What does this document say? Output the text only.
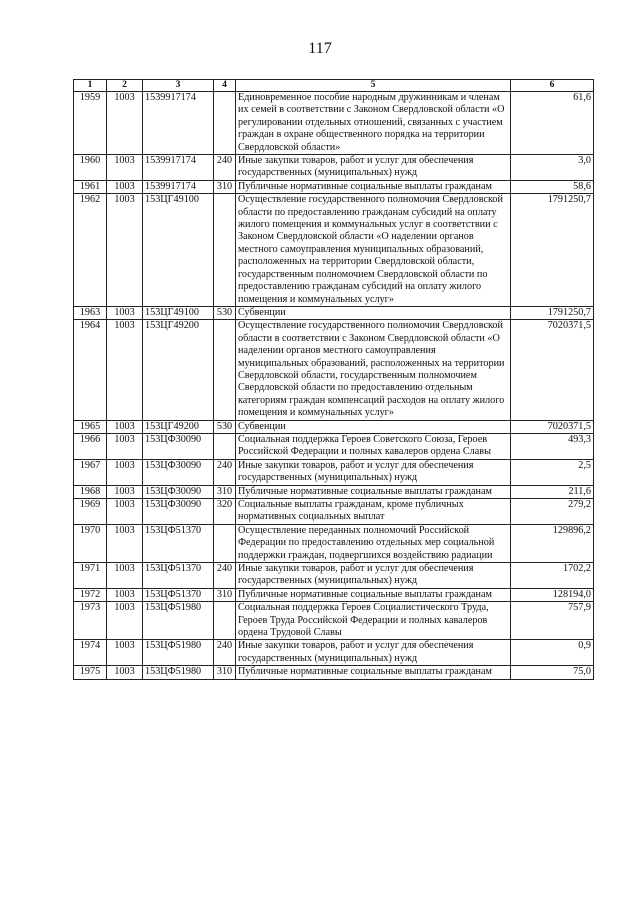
117
1	2	3	4	5	6
1959	1003	1539917174		Единовременное пособие народным дружинникам и членам их семей в соответствии с Законом Свердловской области «О регулировании отдельных отношений, связанных с участием граждан в охране общественного порядка на территории Свердловской области»	61,6
1960	1003	1539917174	240	Иные закупки товаров, работ и услуг для обеспечения государственных (муниципальных) нужд	3,0
1961	1003	1539917174	310	Публичные нормативные социальные выплаты гражданам	58,6
1962	1003	153ЦГ49100		Осуществление государственного полномочия Свердловской области по предоставлению гражданам субсидий на оплату жилого помещения и коммунальных услуг в соответствии с Законом Свердловской области «О наделении органов местного самоуправления муниципальных образований, расположенных на территории Свердловской области, государственным полномочием Свердловской области по предоставлению гражданам субсидий на оплату жилого помещения и коммунальных услуг»	1791250,7
1963	1003	153ЦГ49100	530	Субвенции	1791250,7
1964	1003	153ЦГ49200		Осуществление государственного полномочия Свердловской области в соответствии с Законом Свердловской области «О наделении органов местного самоуправления муниципальных образований, расположенных на территории Свердловской области, государственным полномочием Свердловской области по предоставлению отдельным категориям граждан компенсаций расходов на оплату жилого помещения и коммунальных услуг»	7020371,5
1965	1003	153ЦГ49200	530	Субвенции	7020371,5
1966	1003	153ЦФ30090		Социальная поддержка Героев Советского Союза, Героев Российской Федерации и полных кавалеров ордена Славы	493,3
1967	1003	153ЦФ30090	240	Иные закупки товаров, работ и услуг для обеспечения государственных (муниципальных) нужд	2,5
1968	1003	153ЦФ30090	310	Публичные нормативные социальные выплаты гражданам	211,6
1969	1003	153ЦФ30090	320	Социальные выплаты гражданам, кроме публичных нормативных социальных выплат	279,2
1970	1003	153ЦФ51370		Осуществление переданных полномочий Российской Федерации по предоставлению отдельных мер социальной поддержки граждан, подвергшихся воздействию радиации	129896,2
1971	1003	153ЦФ51370	240	Иные закупки товаров, работ и услуг для обеспечения государственных (муниципальных) нужд	1702,2
1972	1003	153ЦФ51370	310	Публичные нормативные социальные выплаты гражданам	128194,0
1973	1003	153ЦФ51980		Социальная поддержка Героев Социалистического Труда, Героев Труда Российской Федерации и полных кавалеров ордена Трудовой Славы	757,9
1974	1003	153ЦФ51980	240	Иные закупки товаров, работ и услуг для обеспечения государственных (муниципальных) нужд	0,9
1975	1003	153ЦФ51980	310	Публичные нормативные социальные выплаты гражданам	75,0
